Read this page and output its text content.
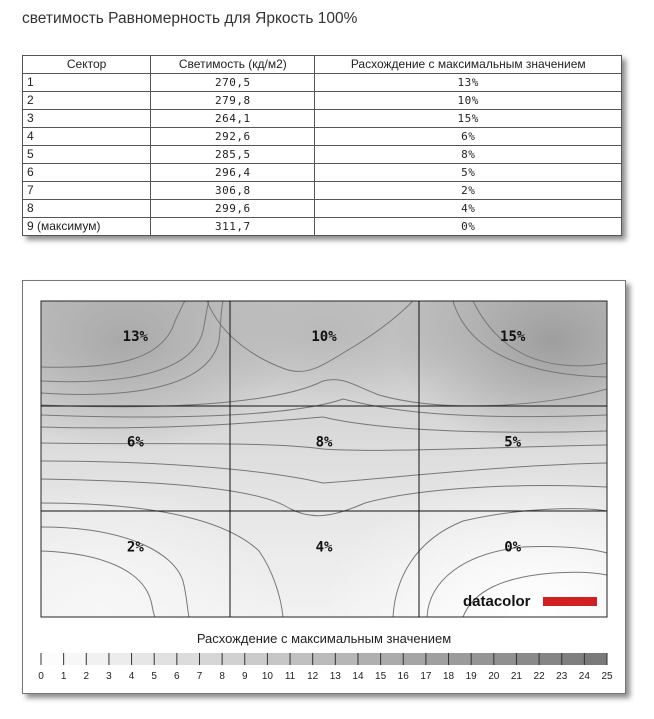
светимость Равномерность для Яркость 100%
Сектор	Светимость (кд/м2)	Расхождение с максимальным значением
1	270,5	13%
2	279,8	10%
3	264,1	15%
4	292,6	6%
5	285,5	8%
6	296,4	5%
7	306,8	2%
8	299,6	4%
9 (максимум)	311,7	0%
13%	10%	15%
6%	8%	5%
2%	4%	0%
datacolor
Расхождение с максимальным значением
0 1 2 3 4 5 6 7 8 9 10 11 12 13 14 15 16 17 18 19 20 21 22 23 24 25
